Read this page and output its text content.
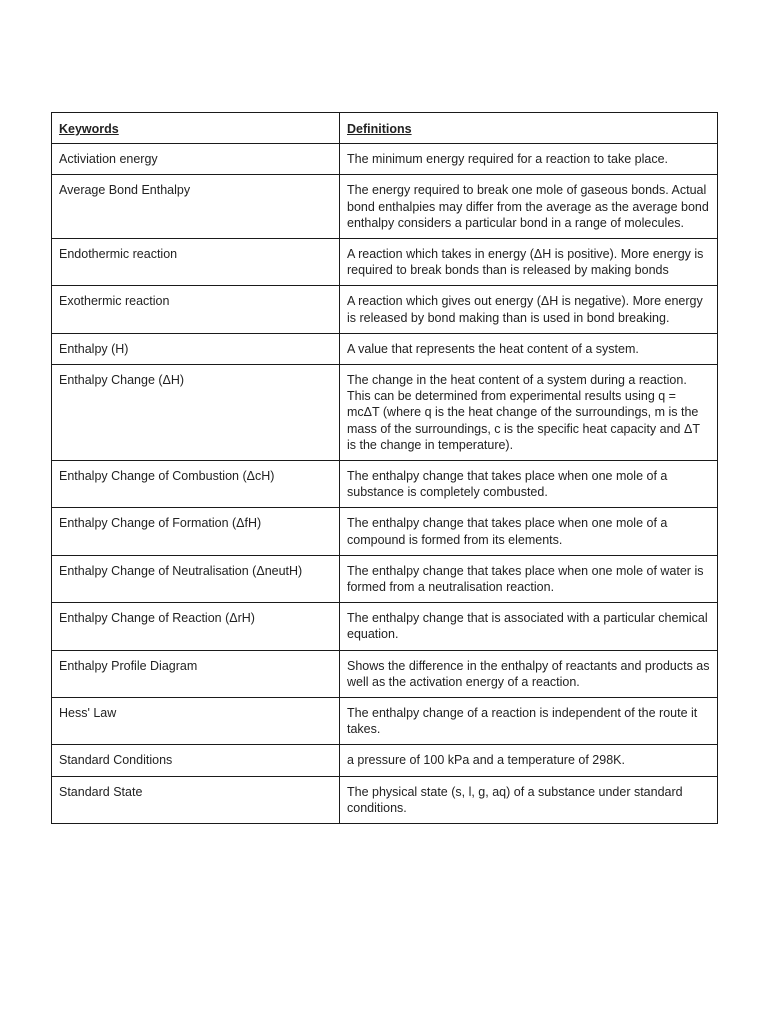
Keywords	Definitions
Activiation energy	The minimum energy required for a reaction to take place.
Average Bond Enthalpy	The energy required to break one mole of gaseous bonds. Actual bond enthalpies may differ from the average as the average bond enthalpy considers a particular bond in a range of molecules.
Endothermic reaction	A reaction which takes in energy (ΔH is positive). More energy is required to break bonds than is released by making bonds
Exothermic reaction	A reaction which gives out energy (ΔH is negative). More energy is released by bond making than is used in bond breaking.
Enthalpy (H)	A value that represents the heat content of a system.
Enthalpy Change (ΔH)	The change in the heat content of a system during a reaction. This can be determined from experimental results using q = mcΔT (where q is the heat change of the surroundings, m is the mass of the surroundings, c is the specific heat capacity and ΔT is the change in temperature).
Enthalpy Change of Combustion (ΔcH)	The enthalpy change that takes place when one mole of a substance is completely combusted.
Enthalpy Change of Formation (ΔfH)	The enthalpy change that takes place when one mole of a compound is formed from its elements.
Enthalpy Change of Neutralisation (ΔneutH)	The enthalpy change that takes place when one mole of water is formed from a neutralisation reaction.
Enthalpy Change of Reaction (ΔrH)	The enthalpy change that is associated with a particular chemical equation.
Enthalpy Profile Diagram	Shows the difference in the enthalpy of reactants and products as well as the activation energy of a reaction.
Hess' Law	The enthalpy change of a reaction is independent of the route it takes.
Standard Conditions	a pressure of 100 kPa and a temperature of 298K.
Standard State	The physical state (s, l, g, aq) of a substance under standard conditions.
